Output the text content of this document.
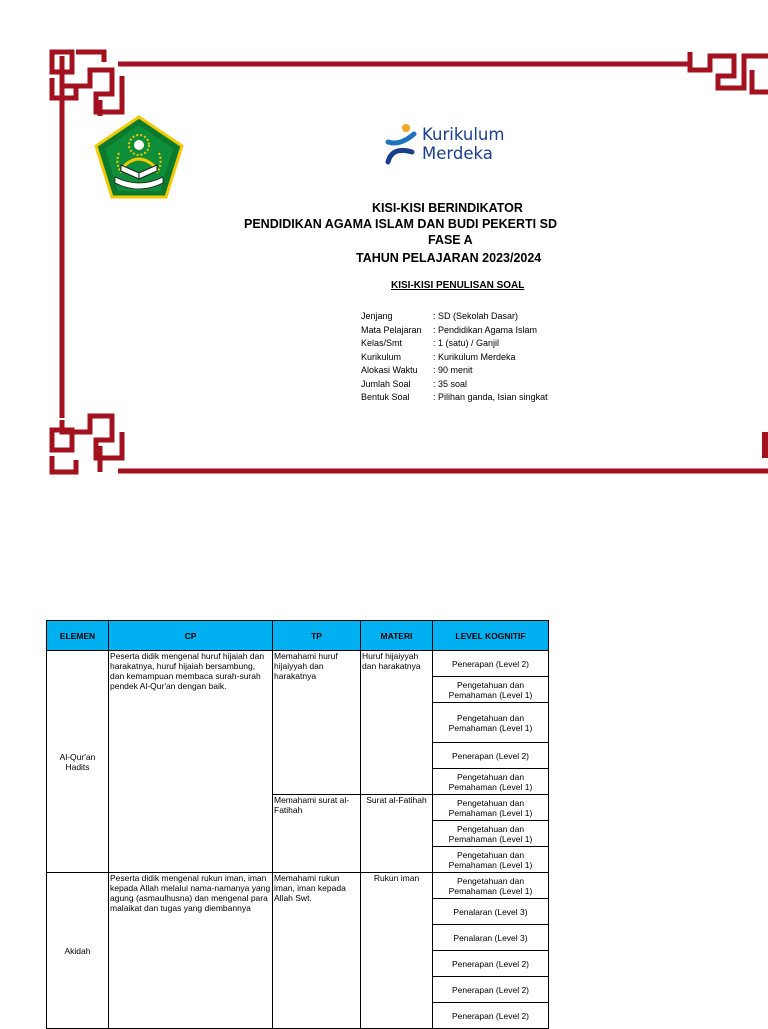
Kurikulum
Merdeka
KISI-KISI BERINDIKATOR
PENDIDIKAN AGAMA ISLAM DAN BUDI PEKERTI SD
FASE A
TAHUN PELAJARAN 2023/2024
KISI-KISI PENULISAN SOAL
Jenjang	: SD (Sekolah Dasar)
Mata Pelajaran	: Pendidikan Agama Islam
Kelas/Smt	: 1 (satu) / Ganjil
Kurikulum	: Kurikulum Merdeka
Alokasi Waktu	: 90 menit
Jumlah Soal	: 35 soal
Bentuk Soal	: Pilihan ganda, Isian singkat
ELEMEN	CP	TP	MATERI	LEVEL KOGNITIF
Al-Qur'an Hadits	Peserta didik mengenal huruf hijaiah dan harakatnya, huruf hijaiah bersambung, dan kemampuan membaca surah-surah pendek Al-Qur'an dengan baik.	Memahami huruf hijaiyyah dan harakatnya	Huruf hijaiyyah dan harakatnya	Penerapan (Level 2)
				Pengetahuan dan Pemahaman (Level 1)
				Pengetahuan dan Pemahaman (Level 1)
				Penerapan (Level 2)
				Pengetahuan dan Pemahaman (Level 1)
		Memahami surat al-Fatihah	Surat al-Fatihah	Pengetahuan dan Pemahaman (Level 1)
				Pengetahuan dan Pemahaman (Level 1)
				Pengetahuan dan Pemahaman (Level 1)
Akidah	Peserta didik mengenal rukun iman, iman kepada Allah melalui nama-namanya yang agung (asmaulhusna) dan mengenal para malaikat dan tugas yang diembannya	Memahami rukun iman, iman kepada Allah Swt.	Rukun iman	Pengetahuan dan Pemahaman (Level 1)
				Penalaran (Level 3)
				Penalaran (Level 3)
				Penerapan (Level 2)
				Penerapan (Level 2)
				Penerapan (Level 2)
